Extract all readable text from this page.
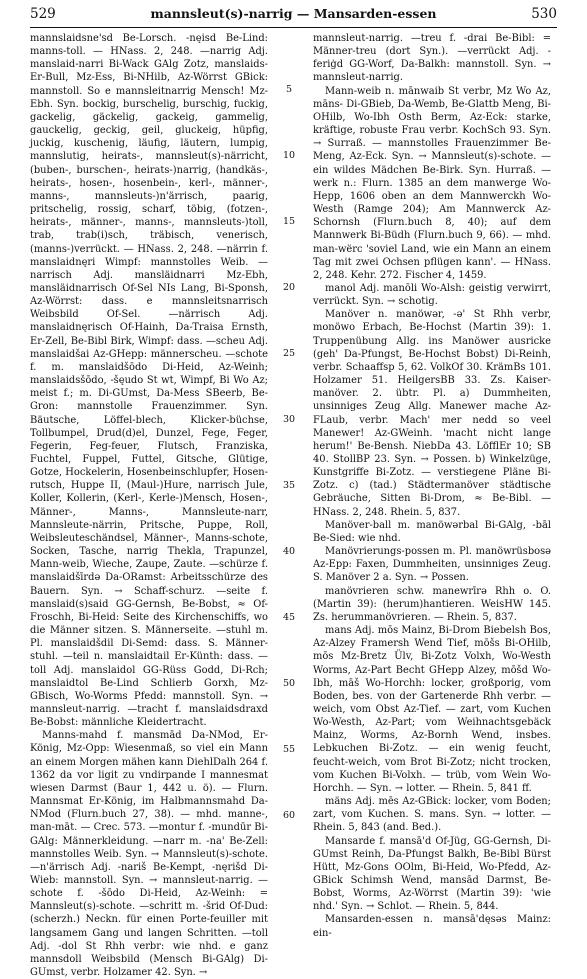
529	mannsleut(s)-narrig — Mansarden-essen	530

mannslaidsne'sd Be-Lorsch. -nęisd Be-Lind: manns-toll. — HNass. 2, 248. —narrig Adj. manslaid-narri Bi-Wack GAlg Zotz, manslaids- Er-Bull, Mz-Ess, Bi-NHilb, Az-Wörrst GBick: mannstoll. So e mannsleitnarrig Mensch! Mz-Ebh. Syn. bockig, burschelig, burschig, fuckig, gackelig, gäckelig, gackeig, gammelig, gauckelig, geckig, geil, gluckeig, hüpfig, juckig, kuschenig, läufig, läutern, lumpig, mannslutig, heirats-, mannsleut(s)-närricht, (buben-, burschen-, heirats-)narrig, (handkäs-, heirats-, hosen-, hosenbein-, kerl-, männer-, manns-, mannsleuts-)n'ärrisch, paarig, pritschelig, rossig, scharf, töbig, (fotzen-, heirats-, männer-, manns-, mannsleuts-)toll, trab, trab(i)sch, träbisch, venerisch, (manns-)verrückt. — HNass. 2, 248. —närrin f. manslaidnęri Wimpf: mannstolles Weib. —narrisch Adj. mansläidnarri Mz-Ebh, mansläidnarrisch Of-Sel NIs Lang, Bi-Sponsh, Az-Wörrst: dass. e mannsleitsnarrisch Weibsbild Of-Sel. —närrisch Adj. manslaidnęrisch Of-Hainh, Da-Traisa Ernsth, Er-Zell, Be-Bibl Birk, Wimpf: dass. —scheu Adj. manslaidšai Az-GHepp: männerscheu. —schote f. m. manslaidšōdo Di-Heid, Az-Weinh; manslaidsšōdo, -šęudo St wt, Wimpf, Bi Wo Az; meist f.; m. Di-GUmst, Da-Mess SBeerb, Be-Gron: mannstolle Frauenzimmer. Syn. Bäutsche, Löffel-blech, Klicker-büchse, Tollbumpel, Drud(d)el, Dunzel, Fege, Feger, Fegerin, Feg-feuer, Flutsch, Franziska, Fuchtel, Fuppel, Futtel, Gitsche, Glütige, Gotze, Hockelerin, Hosenbeinschlupfer, Hosen-rutsch, Huppe II, (Maul-)Hure, narrisch Jule, Koller, Kollerin, (Kerl-, Kerle-)Mensch, Hosen-, Männer-, Manns-, Mannsleute-narr, Mannsleute-närrin, Pritsche, Puppe, Roll, Weibsleuteschändsel, Männer-, Manns-schote, Socken, Tasche, narrig Thekla, Trapunzel, Mann-weib, Wieche, Zaupe, Zaute. —schürze f. manslaidšīrdə Da-ORamst: Arbeitsschürze des Bauern. Syn. → Schaff-schurz. —seite f. manslaid(s)said GG-Gernsh, Be-Bobst, ≈ Of-Froschh, Bi-Heid: Seite des Kirchenschiffs, wo die Männer sitzen. S. Männerseite. —stuhl m. Pl. manslaidšdil Di-Semd: dass. S. Männer-stuhl. —teil n. manslaidtail Er-Künth: dass. —toll Adj. manslaidol GG-Rüss Godd, Di-Rch; manslaidtol Be-Lind Schlierb Gorxh, Mz-GBisch, Wo-Worms Pfedd: mannstoll. Syn. → mannsleut-narrig. —tracht f. manslaidsdraxd Be-Bobst: männliche Kleidertracht.

Manns-mahd f. mansmād Da-NMod, Er-König, Mz-Opp: Wiesenmaß, so viel ein Mann an einem Morgen mähen kann DiehlDalh 264 f. 1362 da vor ligit zu vndirpande I mannesmat wiesen Darmst (Baur 1, 442 u. ö). — Flurn. Mannsmat Er-König, im Halbmannsmahd Da-NMod (Flurn.buch 27, 38). — mhd. manne-, man-māt. — Crec. 573. —montur f. -mundūr Bi-GAlg: Männerkleidung. —narr m. -na' Be-Zell: mannstolles Weib. Syn. → Mannsleut(s)-schote. —n'ärrisch Adj. -nariš Be-Kempt, -nęrišd Di-Wieb: mannstoll. Syn. → mannsleut-narrig. —schote f. -šōdo Di-Heid, Az-Weinh: = Mannsleut(s)-schote. —schritt m. -šrid Of-Dud: (scherzh.) Neckn. für einen Porte-feuiller mit langsamem Gang und langen Schritten. —toll Adj. -dol St Rhh verbr: wie nhd. e ganz mannsdoll Weibsbild (Mensch Bi-GAlg) Di-GUmst, verbr. Holzamer 42. Syn. →

5
10
15
20
25
30
35
40
45
50
55
60

mannsleut-narrig. —treu f. -drai Be-Bibl: = Männer-treu (dort Syn.). —verrückt Adj. -feriġd GG-Worf, Da-Balkh: mannstoll. Syn. → mannsleut-narrig.

Mann-weib n. mānwaib St verbr, Mz Wo Az, māns- Di-GBieb, Da-Wemb, Be-Glattb Meng, Bi-OHilb, Wo-Ibh Osth Berm, Az-Eck: starke, kräftige, robuste Frau verbr. KochSch 93. Syn. → Surraß. — mannstolles Frauenzimmer Be-Meng, Az-Eck. Syn. → Mannsleut(s)-schote. — ein wildes Mädchen Be-Birk. Syn. Hurraß. —werk n.: Flurn. 1385 an dem manwerge Wo-Hepp, 1606 oben an dem Mannwerckh Wo-Westh (Ramge 204); Am Mannwerck Az-Schornsh (Flurn.buch 8, 40); auf dem Mannwerk Bi-Büdh (Flurn.buch 9, 66). — mhd. man-wërc 'soviel Land, wie ein Mann an einem Tag mit zwei Ochsen pflügen kann'. — HNass. 2, 248. Kehr. 272. Fischer 4, 1459.

manol Adj. manōli Wo-Alsh: geistig verwirrt, verrückt. Syn. → schotig.

Manöver n. manöwər, -ə' St Rhh verbr, monöwo Erbach, Be-Hochst (Martin 39): 1. Truppenübung Allg. ins Manöwer ausricke (geh' Da-Pfungst, Be-Hochst Bobst) Di-Reinh, verbr. Schaaffsp 5, 62. VolkOf 30. KrämBs 101. Holzamer 51. HeilgersBB 33. Zs. Kaiser-manöver. 2. übtr. Pl. a) Dummheiten, unsinniges Zeug Allg. Manewer mache Az-FLaub, verbr. Mach' mer nedd so veel Manewer! Az-GWeinh. 'macht nicht lange herum!' Be-Bensh. NiebDa 43. LöfflEr 10; SB 40. StollBP 23. Syn. → Possen. b) Winkelzüge, Kunstgriffe Bi-Zotz. — verstiegene Pläne Bi-Zotz. c) (tad.) Städtermanöver städtische Gebräuche, Sitten Bi-Drom, ≈ Be-Bibl. — HNass. 2, 248. Rhein. 5, 837.

Manöver-ball m. manöwərbal Bi-GAlg, -bāl Be-Sied: wie nhd.

Manövrierungs-possen m. Pl. manöwrüsbosə Az-Epp: Faxen, Dummheiten, unsinniges Zeug. S. Manöver 2 a. Syn. → Possen.

manövrieren schw. manewrīrə Rhh o. O. (Martin 39): (herum)hantieren. WeisHW 145. Zs. herummanövrieren. — Rhein. 5, 837.

mans Adj. mōs Mainz, Bi-Drom Biebelsh Bos, Az-Alzey Framersh Wend Tief, mōšs Bi-OHilb, mōs Mz-Bretz Ülv, Bi-Zotz Volxh, Wo-Westh Worms, Az-Part Becht GHepp Alzey, mōšd Wo-Ibh, māš Wo-Horchh: locker, großporig, vom Boden, bes. von der Gartenerde Rhh verbr. — weich, vom Obst Az-Tief. — zart, vom Kuchen Wo-Westh, Az-Part; vom Weihnachtsgebäck Mainz, Worms, Az-Bornh Wend, insbes. Lebkuchen Bi-Zotz. — ein wenig feucht, feucht-weich, vom Brot Bi-Zotz; nicht trocken, vom Kuchen Bi-Volxh. — trüb, vom Wein Wo-Horchh. — Syn. → lotter. — Rhein. 5, 841 ff.

mäns Adj. mēs Az-GBick: locker, vom Boden; zart, vom Kuchen. S. mans. Syn. → lotter. — Rhein. 5, 843 (and. Bed.).

Mansarde f. mansā'd Of-Jüg, GG-Gernsh, Di-GUmst Reinh, Da-Pfungst Balkh, Be-Bibl Bürst Hütt, Mz-Gons OOlm, Bi-Heid, Wo-Pfedd, Az-GBick Schimsh Wend, mansād Darmst, Be-Bobst, Worms, Az-Wörrst (Martin 39): 'wie nhd.' Syn. → Schlot. — Rhein. 5, 844.

Mansarden-essen n. mansā'dęsəs Mainz: ein-
